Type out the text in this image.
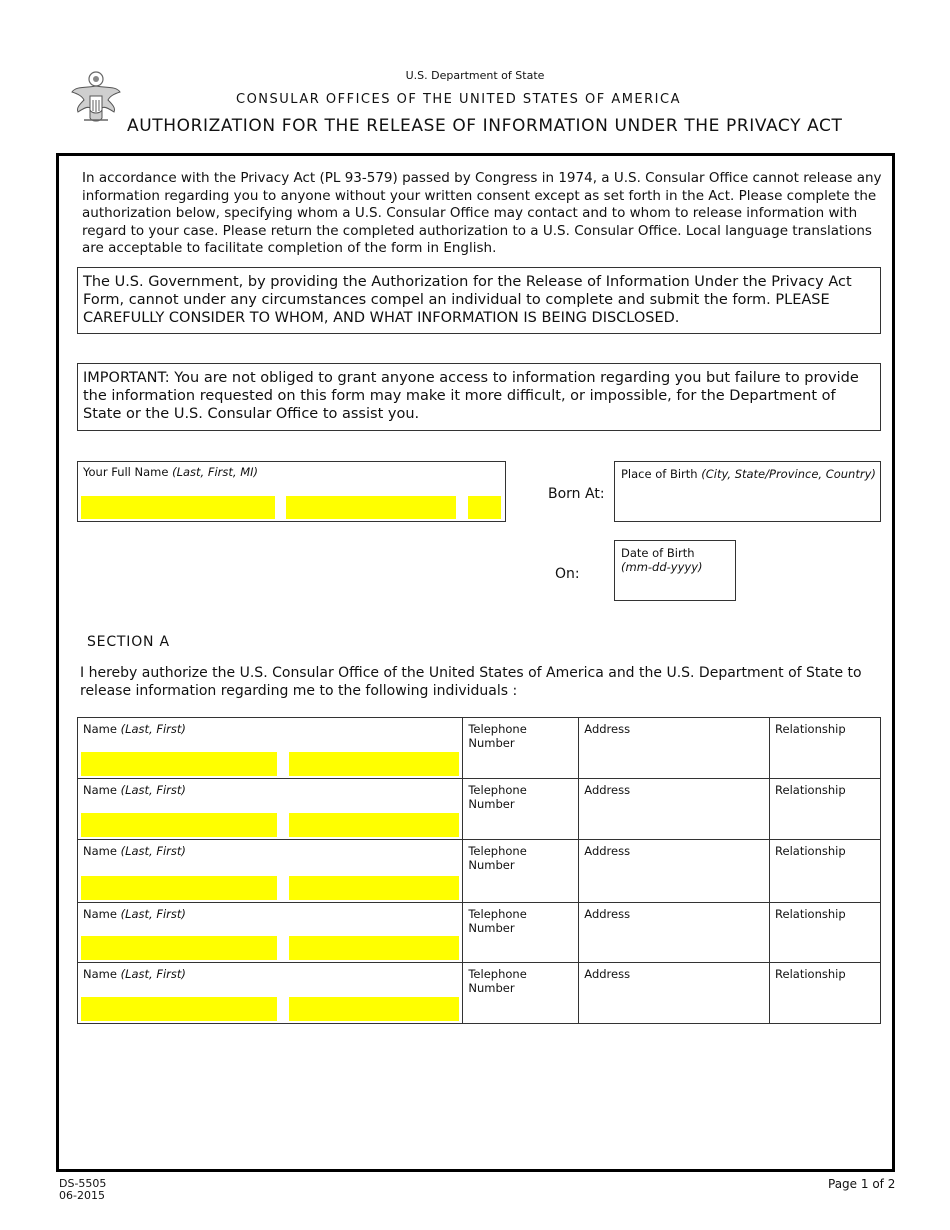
U.S. Department of State
CONSULAR OFFICES OF THE UNITED STATES OF AMERICA
AUTHORIZATION FOR THE RELEASE OF INFORMATION UNDER THE PRIVACY ACT
In accordance with the Privacy Act (PL 93-579) passed by Congress in 1974, a U.S. Consular Office cannot release any information regarding you to anyone without your written consent except as set forth in the Act. Please complete the authorization below, specifying whom a U.S. Consular Office may contact and to whom to release information with regard to your case. Please return the completed authorization to a U.S. Consular Office. Local language translations are acceptable to facilitate completion of the form in English.
The U.S. Government, by providing the Authorization for the Release of Information Under the Privacy Act Form, cannot under any circumstances compel an individual to complete and submit the form. PLEASE CAREFULLY CONSIDER TO WHOM, AND WHAT INFORMATION IS BEING DISCLOSED.
IMPORTANT: You are not obliged to grant anyone access to information regarding you but failure to provide the information requested on this form may make it more difficult, or impossible, for the Department of State or the U.S. Consular Office to assist you.
Your Full Name (Last, First, MI)
Born At:
Place of Birth (City, State/Province, Country)
On:
Date of Birth
(mm-dd-yyyy)
SECTION A
I hereby authorize the U.S. Consular Office of the United States of America and the U.S. Department of State to release information regarding me to the following individuals :
Name (Last, First)	Telephone Number	Address	Relationship
Name (Last, First)	Telephone Number	Address	Relationship
Name (Last, First)	Telephone Number	Address	Relationship
Name (Last, First)	Telephone Number	Address	Relationship
Name (Last, First)	Telephone Number	Address	Relationship
DS-5505
06-2015
Page 1 of 2
